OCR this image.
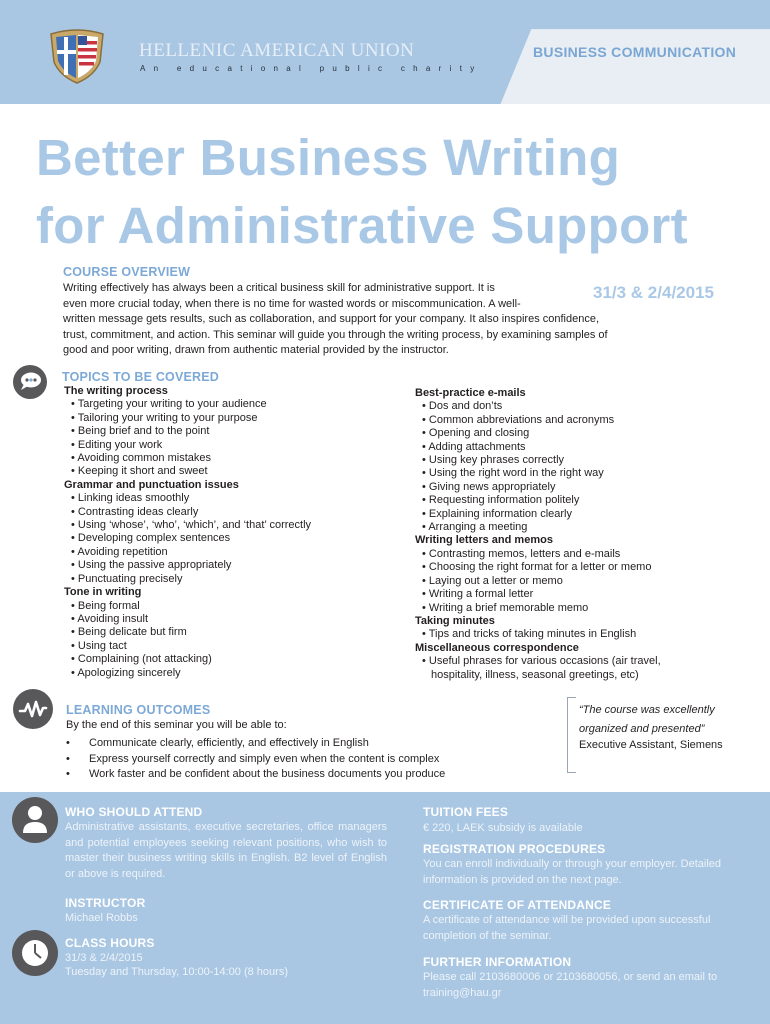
HELLENIC AMERICAN UNION
An educational public charity
BUSINESS COMMUNICATION
Better Business Writing
for Administrative Support
COURSE OVERVIEW
31/3 & 2/4/2015
Writing effectively has always been a critical business skill for administrative support. It is
even more crucial today, when there is no time for wasted words or miscommunication. A well-
written message gets results, such as collaboration, and support for your company. It also inspires confidence, trust, commitment, and action. This seminar will guide you through the writing process, by examining samples of good and poor writing, drawn from authentic material provided by the instructor.
TOPICS TO BE COVERED
The writing process
• Targeting your writing to your audience
• Tailoring your writing to your purpose
• Being brief and to the point
• Editing your work
• Avoiding common mistakes
• Keeping it short and sweet
Grammar and punctuation issues
• Linking ideas smoothly
• Contrasting ideas clearly
• Using ‘whose’, ‘who’, ‘which’, and ‘that’ correctly
• Developing complex sentences
• Avoiding repetition
• Using the passive appropriately
• Punctuating precisely
Tone in writing
• Being formal
• Avoiding insult
• Being delicate but firm
• Using tact
• Complaining (not attacking)
• Apologizing sincerely
Best-practice e-mails
• Dos and don’ts
• Common abbreviations and acronyms
• Opening and closing
• Adding attachments
• Using key phrases correctly
• Using the right word in the right way
• Giving news appropriately
• Requesting information politely
• Explaining information clearly
• Arranging a meeting
Writing letters and memos
• Contrasting memos, letters and e-mails
• Choosing the right format for a letter or memo
• Laying out a letter or memo
• Writing a formal letter
• Writing a brief memorable memo
Taking minutes
• Tips and tricks of taking minutes in English
Miscellaneous correspondence
• Useful phrases for various occasions (air travel,
hospitality, illness, seasonal greetings, etc)
LEARNING OUTCOMES
By the end of this seminar you will be able to:
• Communicate clearly, efficiently, and effectively in English
• Express yourself correctly and simply even when the content is complex
• Work faster and be confident about the business documents you produce
“The course was excellently
organized and presented”
Executive Assistant, Siemens
WHO SHOULD ATTEND
Administrative assistants, executive secretaries, office managers and potential employees seeking relevant positions, who wish to master their business writing skills in English. B2 level of English or above is required.
INSTRUCTOR
Michael Robbs
CLASS HOURS
31/3 & 2/4/2015
Tuesday and Thursday, 10:00-14:00 (8 hours)
TUITION FEES
€ 220, LAEK subsidy is available
REGISTRATION PROCEDURES
You can enroll individually or through your employer. Detailed information is provided on the next page.
CERTIFICATE OF ATTENDANCE
A certificate of attendance will be provided upon successful completion of the seminar.
FURTHER INFORMATION
Please call 2103680006 or 2103680056, or send an email to training@hau.gr
